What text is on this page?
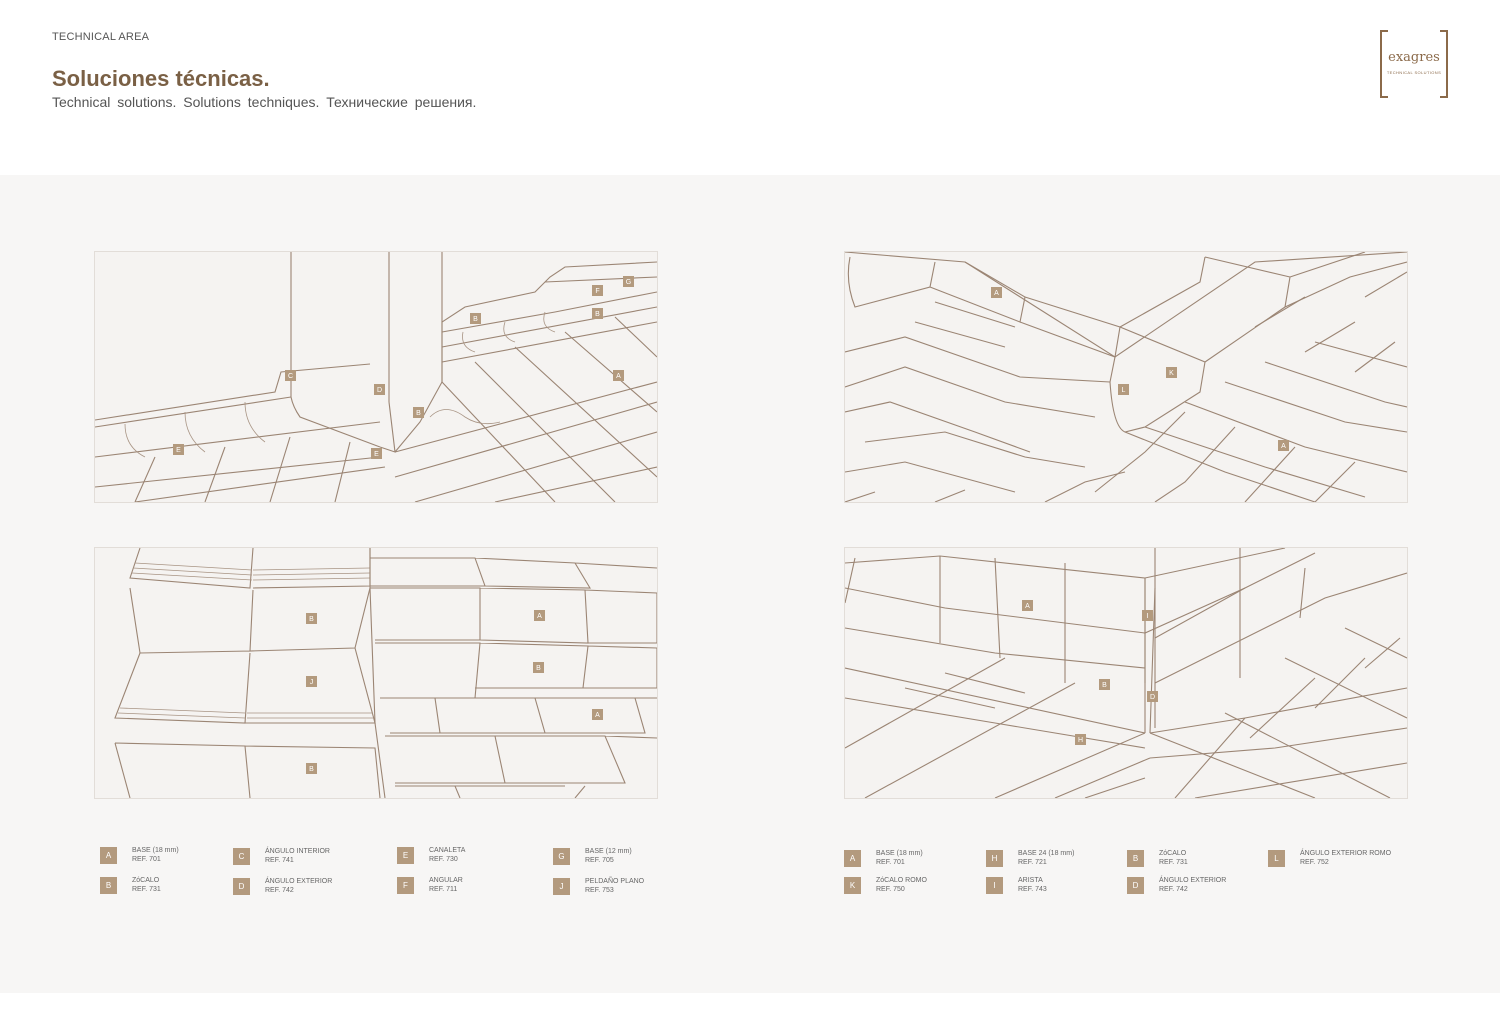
TECHNICAL AREA
Soluciones técnicas.
Technical solutions. Solutions techniques. Технические решения.
exagres
TECHNICAL SOLUTIONS
G
F
B
B
C
D
B
A
E
E
A
L
K
A
B	A
J
B
A
B
A
I
B
D
H
A
BASE (18 mm)
REF. 701
B
ZóCALO
REF. 731
C
ÁNGULO INTERIOR
REF. 741
D
ÁNGULO EXTERIOR
REF. 742
E
CANALETA
REF. 730
F
ANGULAR
REF. 711
G
BASE (12 mm)
REF. 705
J
PELDAÑO PLANO
REF. 753
A
BASE (18 mm)
REF. 701
K
ZóCALO ROMO
REF. 750
H
BASE 24 (18 mm)
REF. 721
I
ARISTA
REF. 743
B
ZóCALO
REF. 731
D
ÁNGULO EXTERIOR
REF. 742
L
ÁNGULO EXTERIOR ROMO
REF. 752
